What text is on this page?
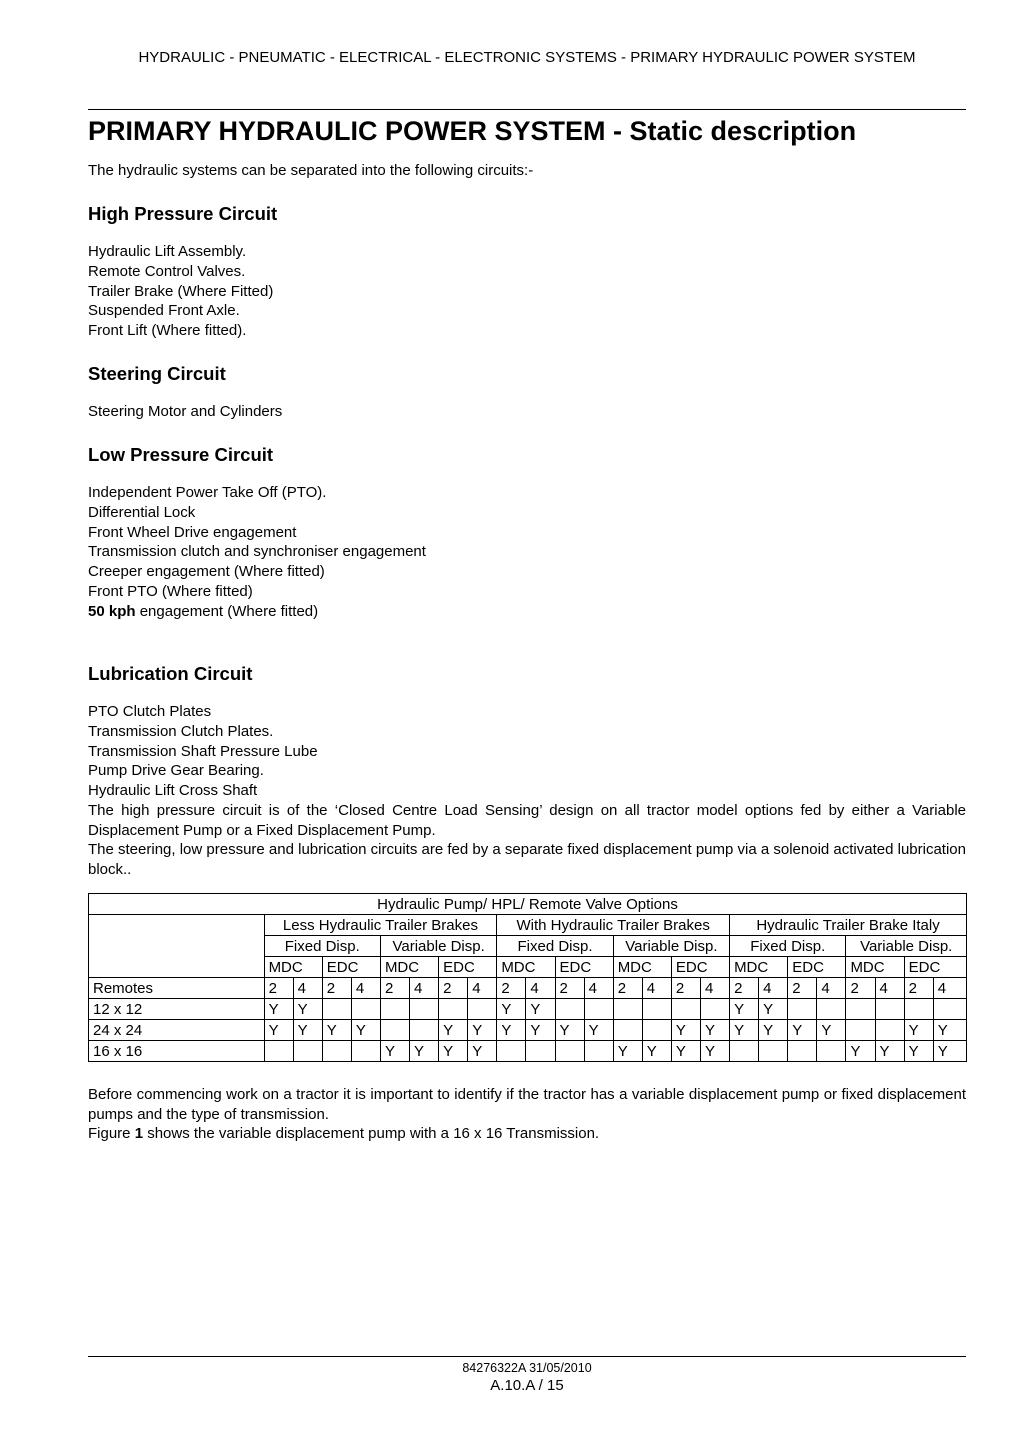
HYDRAULIC - PNEUMATIC - ELECTRICAL - ELECTRONIC SYSTEMS - PRIMARY HYDRAULIC POWER SYSTEM
PRIMARY HYDRAULIC POWER SYSTEM - Static description

The hydraulic systems can be separated into the following circuits:-

High Pressure Circuit
Hydraulic Lift Assembly.
Remote Control Valves.
Trailer Brake (Where Fitted)
Suspended Front Axle.
Front Lift (Where fitted).
Steering Circuit
Steering Motor and Cylinders
Low Pressure Circuit
Independent Power Take Off (PTO).
Differential Lock
Front Wheel Drive engagement
Transmission clutch and synchroniser engagement
Creeper engagement (Where fitted)
Front PTO (Where fitted)
50 kph engagement (Where fitted)
Lubrication Circuit
PTO Clutch Plates
Transmission Clutch Plates.
Transmission Shaft Pressure Lube
Pump Drive Gear Bearing.
Hydraulic Lift Cross Shaft

The high pressure circuit is of the ‘Closed Centre Load Sensing’ design on all tractor model options fed by either a Variable Displacement Pump or a Fixed Displacement Pump.

The steering, low pressure and lubrication circuits are fed by a separate fixed displacement pump via a solenoid activated lubrication block..

Hydraulic Pump/ HPL/ Remote Valve Options																								
	Less Hydraulic Trailer Brakes								With Hydraulic Trailer Brakes								Hydraulic Trailer Brake Italy							
	Fixed Disp.				Variable Disp.				Fixed Disp.				Variable Disp.				Fixed Disp.				Variable Disp.			
	MDC		EDC		MDC		EDC		MDC		EDC		MDC		EDC		MDC		EDC		MDC		EDC	
Remotes	2	4	2	4	2	4	2	4	2	4	2	4	2	4	2	4	2	4	2	4	2	4	2	4
12 x 12	Y	Y							Y	Y							Y	Y						
24 x 24	Y	Y	Y	Y			Y	Y	Y	Y	Y	Y			Y	Y	Y	Y	Y	Y			Y	Y
16 x 16					Y	Y	Y	Y					Y	Y	Y	Y					Y	Y	Y	Y

Before commencing work on a tractor it is important to identify if the tractor has a variable displacement pump or fixed displacement pumps and the type of transmission.

Figure 1 shows the variable displacement pump with a 16 x 16 Transmission.

84276322A 31/05/2010
A.10.A / 15
